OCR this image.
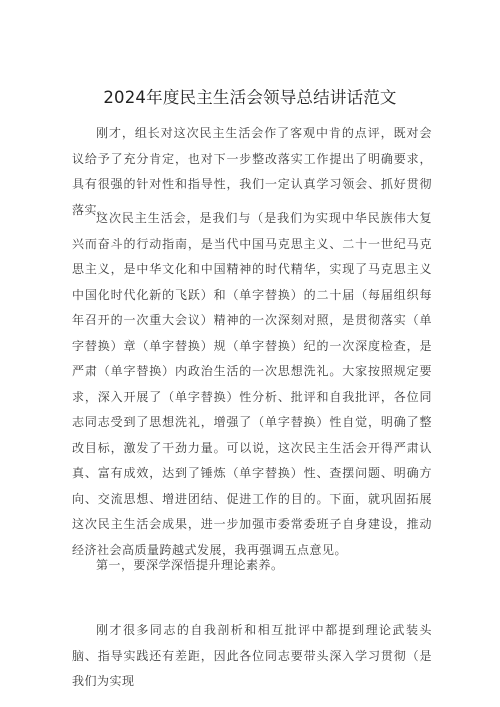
2024年度民主生活会领导总结讲话范文

刚才，组长对这次民主生活会作了客观中肯的点评，既对会议给予了充分肯定，也对下一步整改落实工作提出了明确要求，具有很强的针对性和指导性，我们一定认真学习领会、抓好贯彻落实。

这次民主生活会，是我们与（是我们为实现中华民族伟大复兴而奋斗的行动指南，是当代中国马克思主义、二十一世纪马克思主义，是中华文化和中国精神的时代精华，实现了马克思主义中国化时代化新的飞跃）和（单字替换）的二十届（每届组织每年召开的一次重大会议）精神的一次深刻对照，是贯彻落实（单字替换）章（单字替换）规（单字替换）纪的一次深度检查，是严肃（单字替换）内政治生活的一次思想洗礼。大家按照规定要求，深入开展了（单字替换）性分析、批评和自我批评，各位同志同志受到了思想洗礼，增强了（单字替换）性自觉，明确了整改目标，激发了干劲力量。可以说，这次民主生活会开得严肃认真、富有成效，达到了锤炼（单字替换）性、查摆问题、明确方向、交流思想、增进团结、促进工作的目的。下面，就巩固拓展这次民主生活会成果，进一步加强市委常委班子自身建设，推动经济社会高质量跨越式发展，我再强调五点意见。

第一，要深学深悟提升理论素养。

刚才很多同志的自我剖析和相互批评中都提到理论武装头脑、指导实践还有差距，因此各位同志要带头深入学习贯彻（是我们为实现
